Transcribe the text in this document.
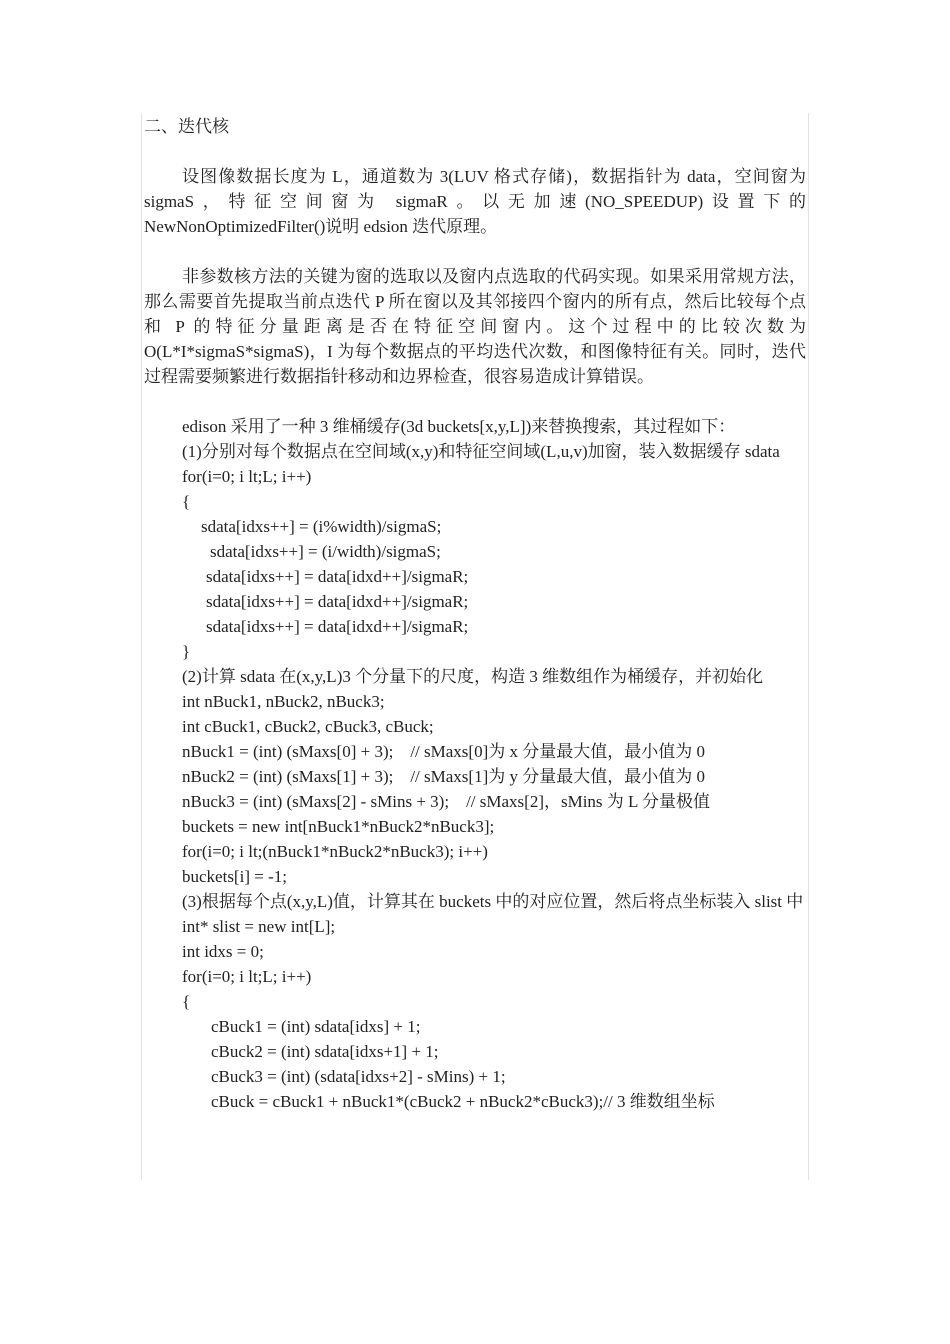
二、迭代核

设图像数据长度为 L，通道数为 3(LUV 格式存储)，数据指针为 data，空间窗为 sigmaS，特征空间窗为 sigmaR。以无加速(NO_SPEEDUP)设置下的 NewNonOptimizedFilter()说明 edsion 迭代原理。

非参数核方法的关键为窗的选取以及窗内点选取的代码实现。如果采用常规方法，那么需要首先提取当前点迭代 P 所在窗以及其邻接四个窗内的所有点，然后比较每个点和 P 的特征分量距离是否在特征空间窗内。这个过程中的比较次数为 O(L*I*sigmaS*sigmaS)，I 为每个数据点的平均迭代次数，和图像特征有关。同时，迭代过程需要频繁进行数据指针移动和边界检查，很容易造成计算错误。

edison 采用了一种 3 维桶缓存(3d buckets[x,y,L])来替换搜索，其过程如下：

(1)分别对每个数据点在空间域(x,y)和特征空间域(L,u,v)加窗，装入数据缓存 sdata

for(i=0; i lt;L; i++)

{

sdata[idxs++] = (i%width)/sigmaS;

sdata[idxs++] = (i/width)/sigmaS;

sdata[idxs++] = data[idxd++]/sigmaR;

sdata[idxs++] = data[idxd++]/sigmaR;

sdata[idxs++] = data[idxd++]/sigmaR;

}

(2)计算 sdata 在(x,y,L)3 个分量下的尺度，构造 3 维数组作为桶缓存，并初始化

int nBuck1, nBuck2, nBuck3;

int cBuck1, cBuck2, cBuck3, cBuck;

nBuck1 = (int) (sMaxs[0] + 3);    // sMaxs[0]为 x 分量最大值，最小值为 0

nBuck2 = (int) (sMaxs[1] + 3);    // sMaxs[1]为 y 分量最大值，最小值为 0

nBuck3 = (int) (sMaxs[2] - sMins + 3);    // sMaxs[2]，sMins 为 L 分量极值

buckets = new int[nBuck1*nBuck2*nBuck3];

for(i=0; i lt;(nBuck1*nBuck2*nBuck3); i++)

buckets[i] = -1;

(3)根据每个点(x,y,L)值，计算其在 buckets 中的对应位置，然后将点坐标装入 slist 中

int* slist = new int[L];

int idxs = 0;

for(i=0; i lt;L; i++)

{

cBuck1 = (int) sdata[idxs] + 1;

cBuck2 = (int) sdata[idxs+1] + 1;

cBuck3 = (int) (sdata[idxs+2] - sMins) + 1;

cBuck = cBuck1 + nBuck1*(cBuck2 + nBuck2*cBuck3);// 3 维数组坐标
